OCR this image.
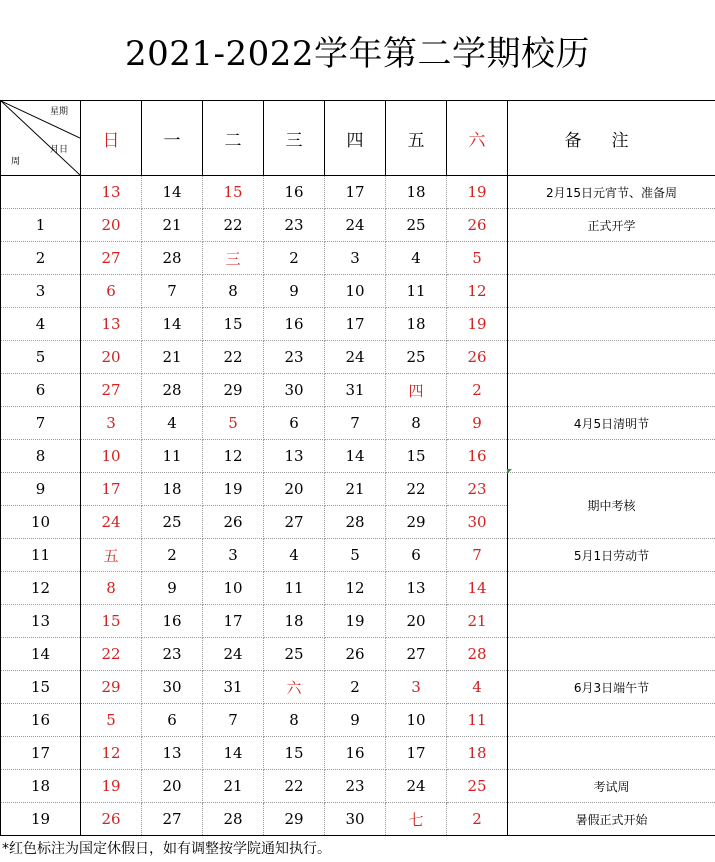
2021-2022学年第二学期校历
星期
月日
周	日	一	二	三	四	五	六	备注
	13	14	15	16	17	18	19	2月15日元宵节、准备周
1	20	21	22	23	24	25	26	正式开学
2	27	28	三	2	3	4	5	
3	6	7	8	9	10	11	12	
4	13	14	15	16	17	18	19	
5	20	21	22	23	24	25	26	
6	27	28	29	30	31	四	2	
7	3	4	5	6	7	8	9	4月5日清明节
8	10	11	12	13	14	15	16	
9	17	18	19	20	21	22	23	期中考核
10	24	25	26	27	28	29	30	
11	五	2	3	4	5	6	7	5月1日劳动节
12	8	9	10	11	12	13	14	
13	15	16	17	18	19	20	21	
14	22	23	24	25	26	27	28	
15	29	30	31	六	2	3	4	6月3日端午节
16	5	6	7	8	9	10	11	
17	12	13	14	15	16	17	18	
18	19	20	21	22	23	24	25	考试周
19	26	27	28	29	30	七	2	暑假正式开始
*红色标注为国定休假日，如有调整按学院通知执行。
